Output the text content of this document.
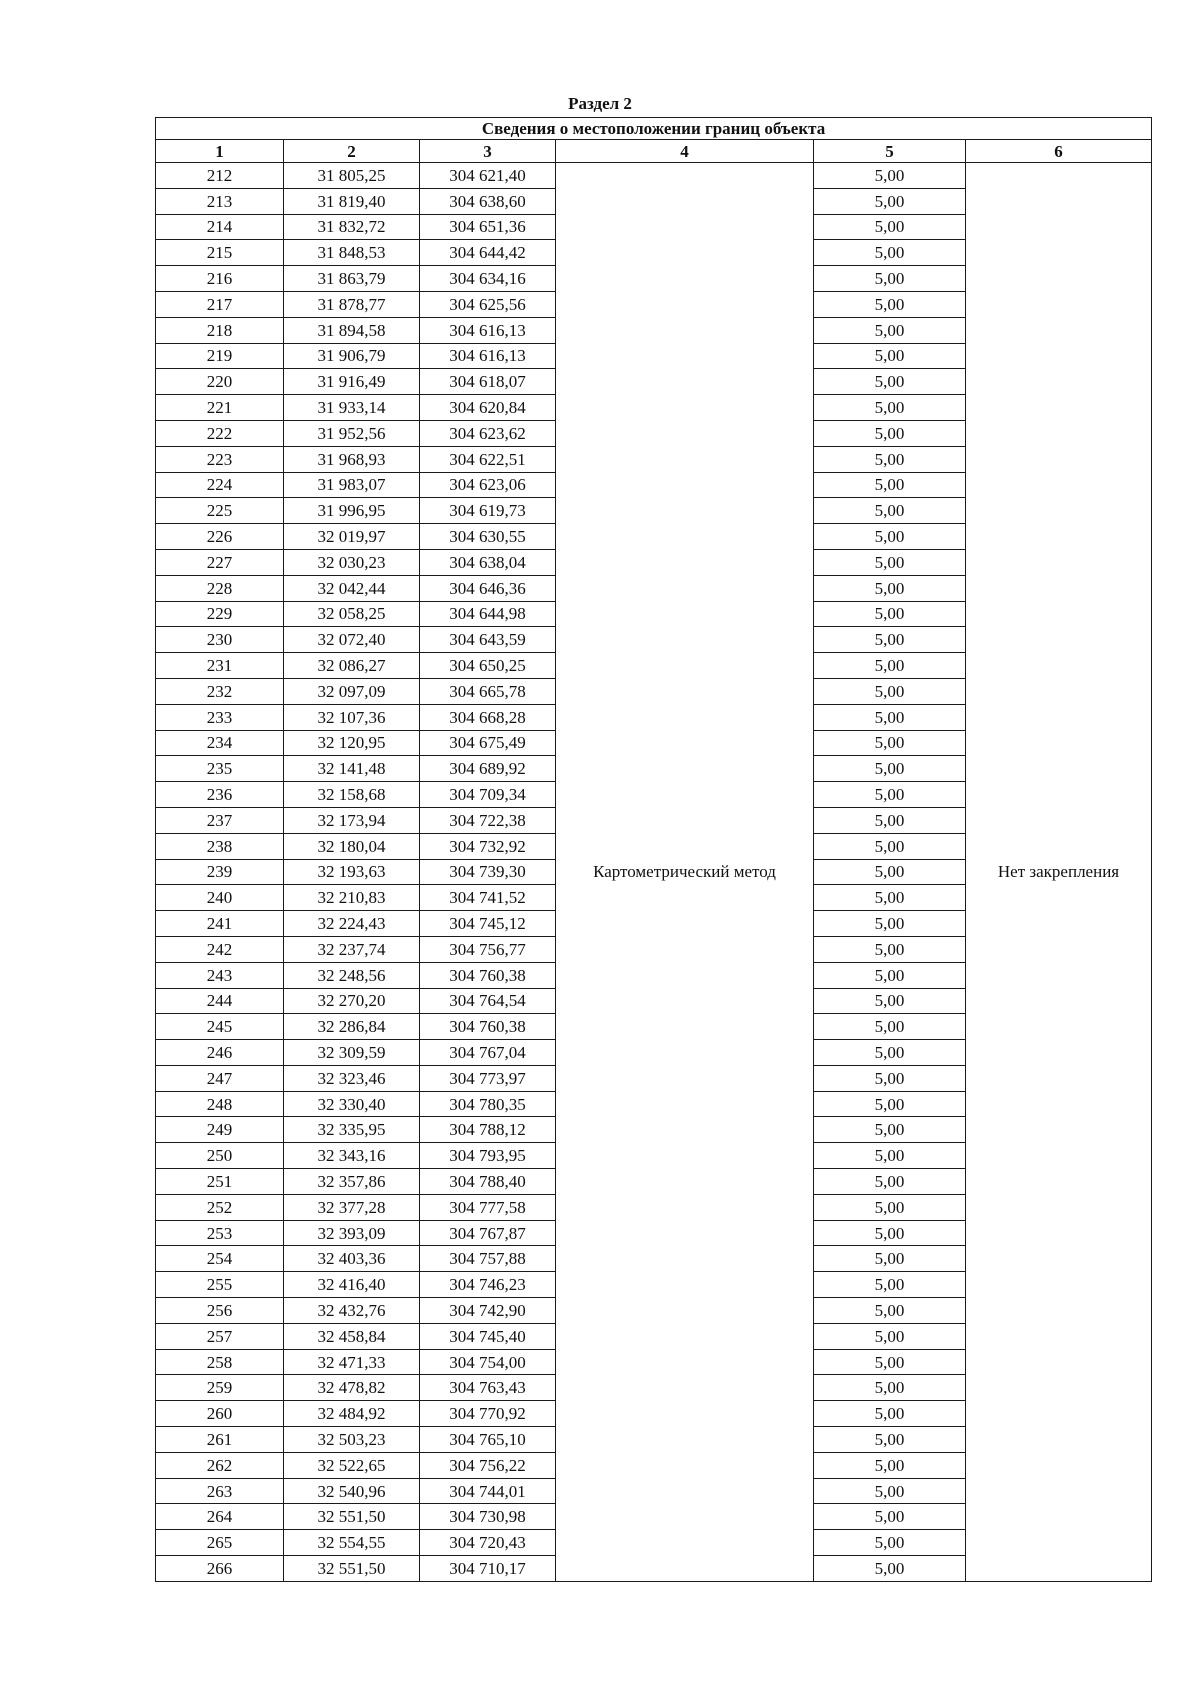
Раздел 2
Сведения о местоположении границ объекта					
1	2	3	4	5	6
212	31 805,25	304 621,40	Картометрический метод	5,00	Нет закрепления
213	31 819,40	304 638,60		5,00	
214	31 832,72	304 651,36		5,00	
215	31 848,53	304 644,42		5,00	
216	31 863,79	304 634,16		5,00	
217	31 878,77	304 625,56		5,00	
218	31 894,58	304 616,13		5,00	
219	31 906,79	304 616,13		5,00	
220	31 916,49	304 618,07		5,00	
221	31 933,14	304 620,84		5,00	
222	31 952,56	304 623,62		5,00	
223	31 968,93	304 622,51		5,00	
224	31 983,07	304 623,06		5,00	
225	31 996,95	304 619,73		5,00	
226	32 019,97	304 630,55		5,00	
227	32 030,23	304 638,04		5,00	
228	32 042,44	304 646,36		5,00	
229	32 058,25	304 644,98		5,00	
230	32 072,40	304 643,59		5,00	
231	32 086,27	304 650,25		5,00	
232	32 097,09	304 665,78		5,00	
233	32 107,36	304 668,28		5,00	
234	32 120,95	304 675,49		5,00	
235	32 141,48	304 689,92		5,00	
236	32 158,68	304 709,34		5,00	
237	32 173,94	304 722,38		5,00	
238	32 180,04	304 732,92		5,00	
239	32 193,63	304 739,30		5,00	
240	32 210,83	304 741,52		5,00	
241	32 224,43	304 745,12		5,00	
242	32 237,74	304 756,77		5,00	
243	32 248,56	304 760,38		5,00	
244	32 270,20	304 764,54		5,00	
245	32 286,84	304 760,38		5,00	
246	32 309,59	304 767,04		5,00	
247	32 323,46	304 773,97		5,00	
248	32 330,40	304 780,35		5,00	
249	32 335,95	304 788,12		5,00	
250	32 343,16	304 793,95		5,00	
251	32 357,86	304 788,40		5,00	
252	32 377,28	304 777,58		5,00	
253	32 393,09	304 767,87		5,00	
254	32 403,36	304 757,88		5,00	
255	32 416,40	304 746,23		5,00	
256	32 432,76	304 742,90		5,00	
257	32 458,84	304 745,40		5,00	
258	32 471,33	304 754,00		5,00	
259	32 478,82	304 763,43		5,00	
260	32 484,92	304 770,92		5,00	
261	32 503,23	304 765,10		5,00	
262	32 522,65	304 756,22		5,00	
263	32 540,96	304 744,01		5,00	
264	32 551,50	304 730,98		5,00	
265	32 554,55	304 720,43		5,00	
266	32 551,50	304 710,17		5,00	
